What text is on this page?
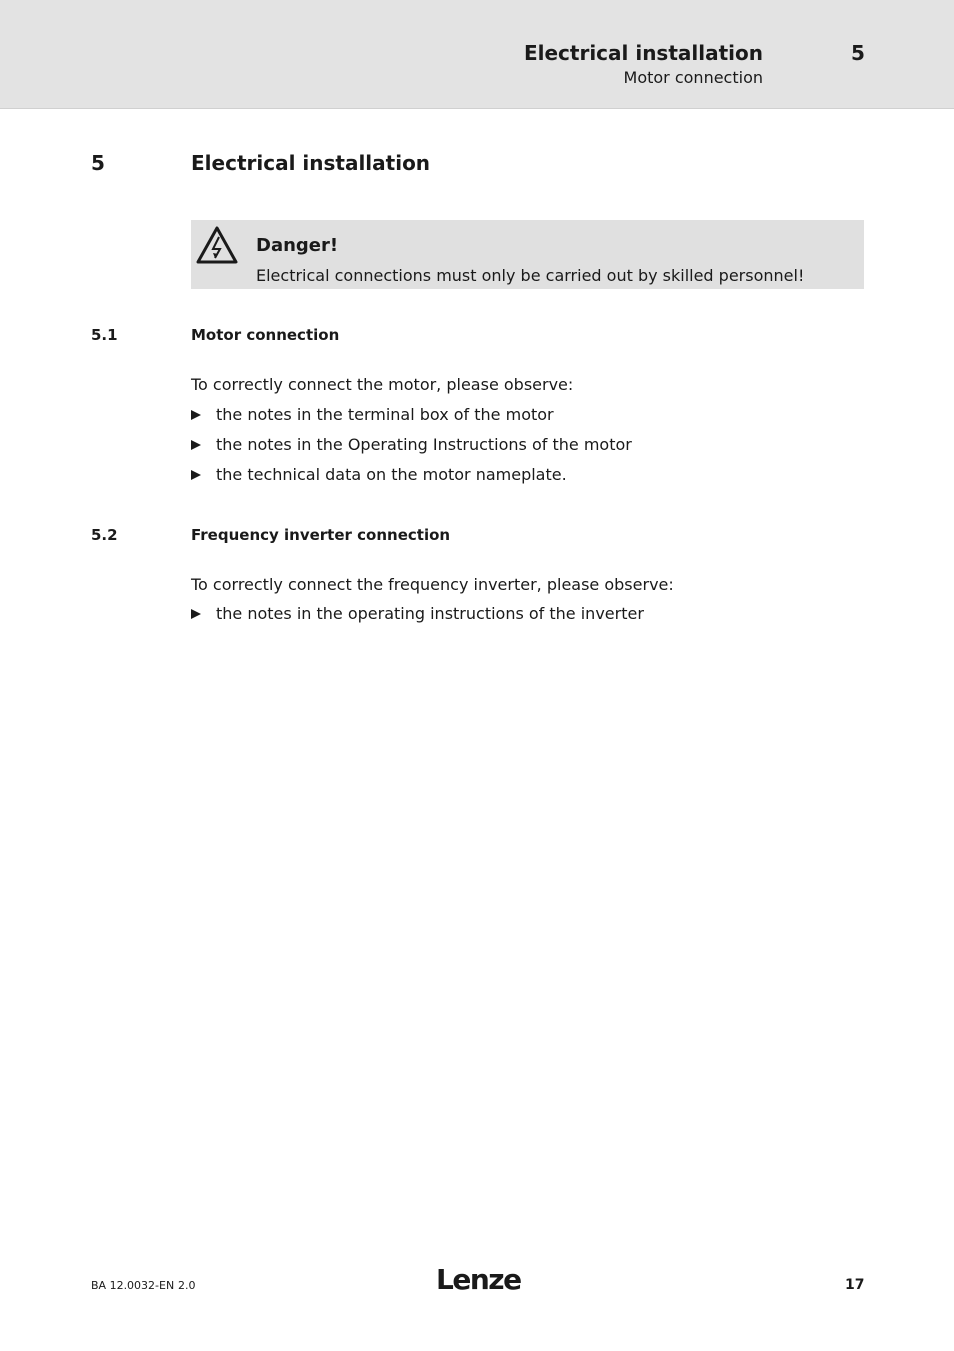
Electrical installation
Motor connection
5
5	Electrical installation
Danger!
Electrical connections must only be carried out by skilled personnel!
5.1	Motor connection
To correctly connect the motor, please observe:
the notes in the terminal box of the motor
the notes in the Operating Instructions of the motor
the technical data on the motor nameplate.
5.2	Frequency inverter connection
To correctly connect the frequency inverter, please observe:
the notes in the operating instructions of the inverter
BA 12.0032-EN 2.0	Lenze	17
